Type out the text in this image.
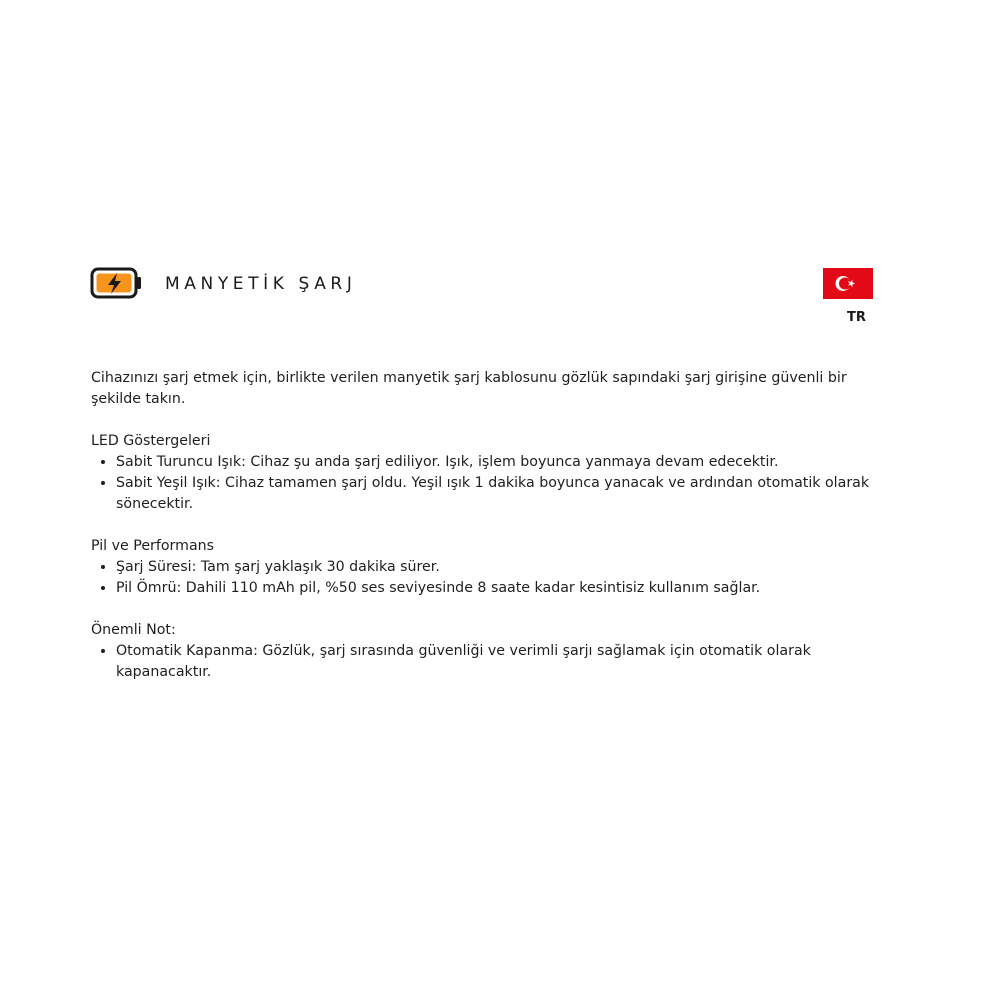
MANYETİK ŞARJ
TR

Cihazınızı şarj etmek için, birlikte verilen manyetik şarj kablosunu gözlük sapındaki şarj girişine güvenli bir şekilde takın.

LED Göstergeleri

• Sabit Turuncu Işık: Cihaz şu anda şarj ediliyor. Işık, işlem boyunca yanmaya devam edecektir.
• Sabit Yeşil Işık: Cihaz tamamen şarj oldu. Yeşil ışık 1 dakika boyunca yanacak ve ardından otomatik olarak sönecektir.

Pil ve Performans

• Şarj Süresi: Tam şarj yaklaşık 30 dakika sürer.
• Pil Ömrü: Dahili 110 mAh pil, %50 ses seviyesinde 8 saate kadar kesintisiz kullanım sağlar.

Önemli Not:

• Otomatik Kapanma: Gözlük, şarj sırasında güvenliği ve verimli şarjı sağlamak için otomatik olarak kapanacaktır.
